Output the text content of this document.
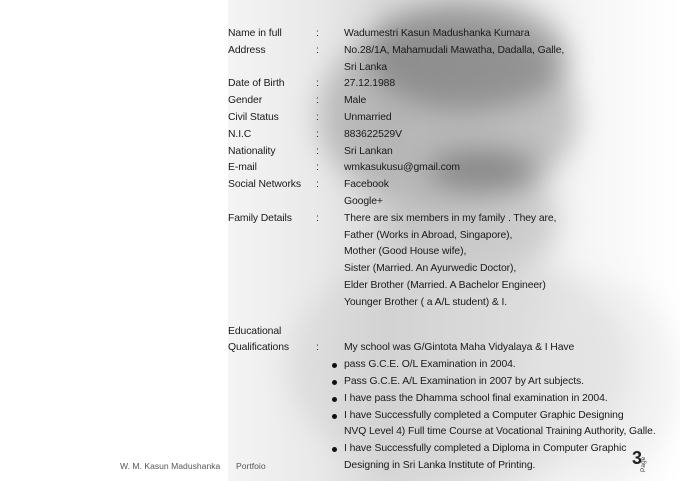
Name in full	:	Wadumestri Kasun Madushanka Kumara
Address	:	No.28/1A, Mahamudali Mawatha, Dadalla, Galle,
Sri Lanka
Date of Birth	:	27.12.1988
Gender	:	Male
Civil Status	:	Unmarried
N.I.C	:	883622529V
Nationality	:	Sri Lankan
E-mail	:	wmkasukusu@gmail.com
Social Networks	:	Facebook
Google+
Family Details	:	There are six members in my family . They are,
Father (Works in Abroad, Singapore),
Mother (Good House wife),
Sister (Married. An Ayurwedic Doctor),
Elder Brother (Married. A Bachelor Engineer)
Younger Brother ( a A/L student) & I.
Educational
Qualifications	:	My school was G/Gintota Maha Vidyalaya & I Have
pass G.C.E. O/L Examination in 2004.
Pass G.C.E. A/L Examination in 2007 by Art subjects.
I have pass the Dhamma school final examination in 2004.
I have Successfully completed a Computer Graphic Designing
NVQ Level 4) Full time Course at Vocational Training Authority, Galle.
I have Successfully completed a Diploma in Computer Graphic
Designing in Sri Lanka Institute of Printing.
W. M. Kasun Madushanka Portfoio	3
Page
